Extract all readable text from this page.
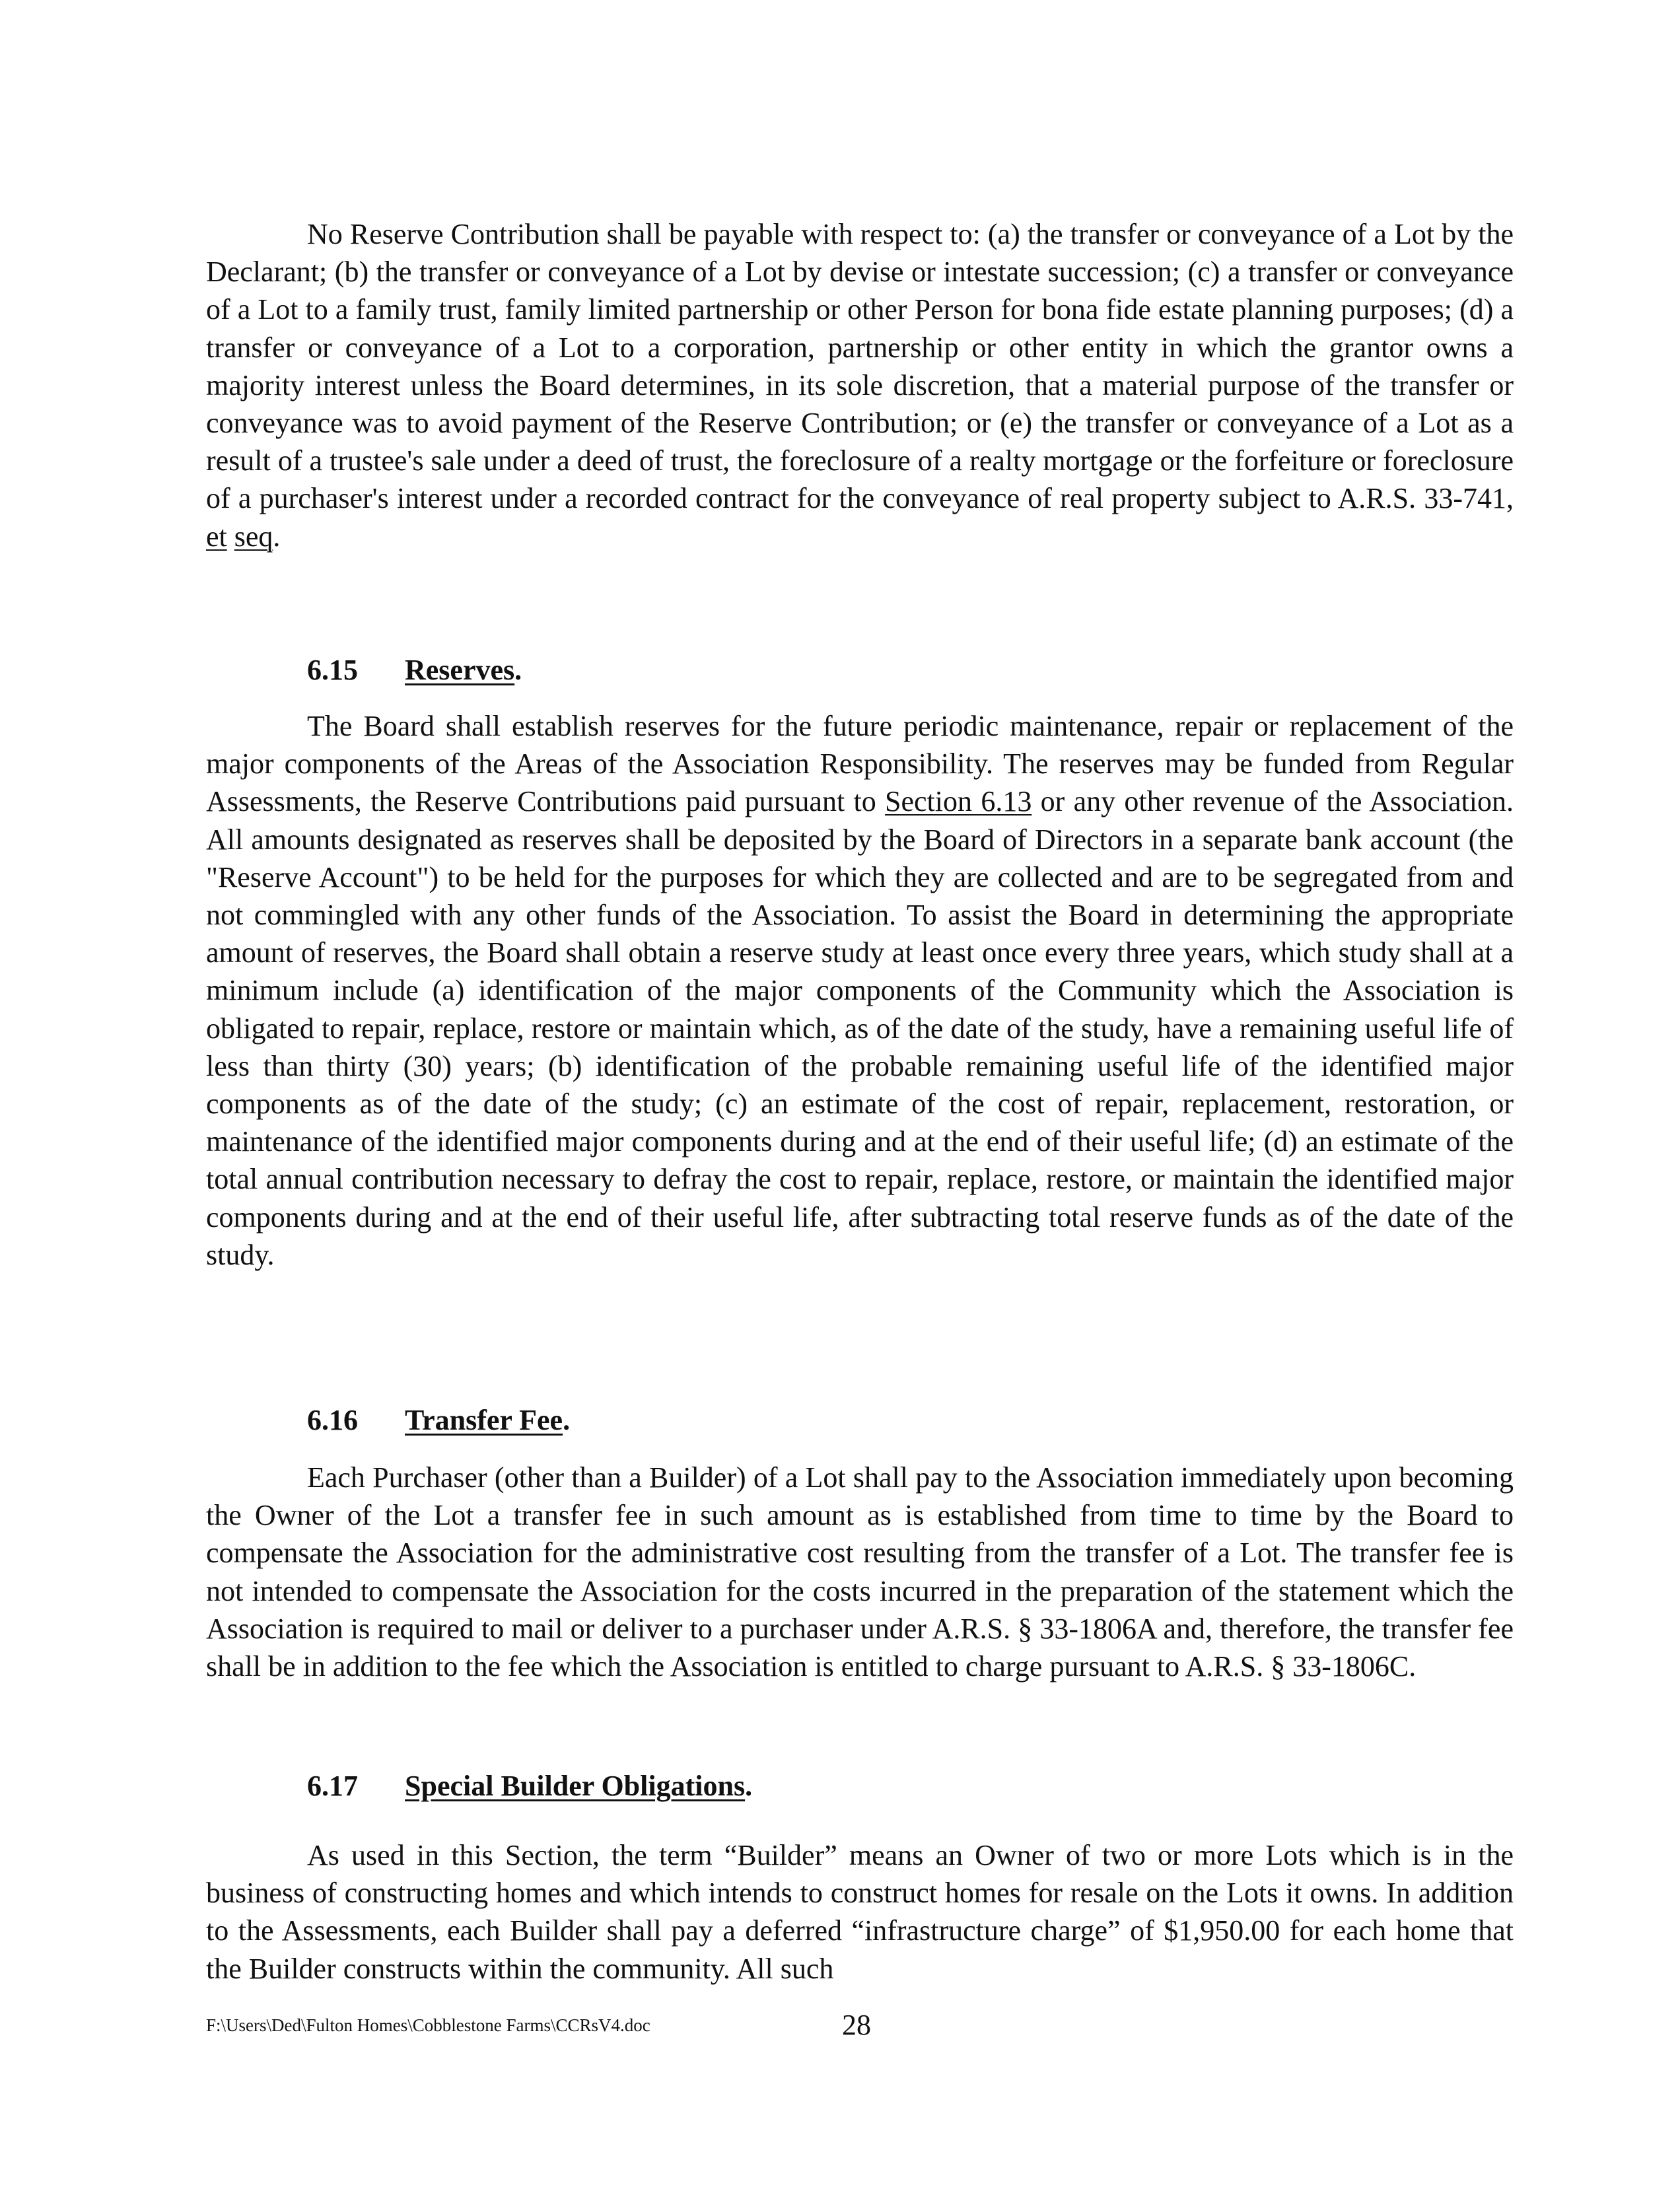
No Reserve Contribution shall be payable with respect to: (a) the transfer or conveyance of a Lot by the Declarant; (b) the transfer or conveyance of a Lot by devise or intestate succession; (c) a transfer or conveyance of a Lot to a family trust, family limited partnership or other Person for bona fide estate planning purposes; (d) a transfer or conveyance of a Lot to a corporation, partnership or other entity in which the grantor owns a majority interest unless the Board determines, in its sole discretion, that a material purpose of the transfer or conveyance was to avoid payment of the Reserve Contribution; or (e) the transfer or conveyance of a Lot as a result of a trustee's sale under a deed of trust, the foreclosure of a realty mortgage or the forfeiture or foreclosure of a purchaser's interest under a recorded contract for the conveyance of real property subject to A.R.S. 33-741, et seq.

6.15 Reserves.

The Board shall establish reserves for the future periodic maintenance, repair or replacement of the major components of the Areas of the Association Responsibility. The reserves may be funded from Regular Assessments, the Reserve Contributions paid pursuant to Section 6.13 or any other revenue of the Association. All amounts designated as reserves shall be deposited by the Board of Directors in a separate bank account (the "Reserve Account") to be held for the purposes for which they are collected and are to be segregated from and not commingled with any other funds of the Association. To assist the Board in determining the appropriate amount of reserves, the Board shall obtain a reserve study at least once every three years, which study shall at a minimum include (a) identification of the major components of the Community which the Association is obligated to repair, replace, restore or maintain which, as of the date of the study, have a remaining useful life of less than thirty (30) years; (b) identification of the probable remaining useful life of the identified major components as of the date of the study; (c) an estimate of the cost of repair, replacement, restoration, or maintenance of the identified major components during and at the end of their useful life; (d) an estimate of the total annual contribution necessary to defray the cost to repair, replace, restore, or maintain the identified major components during and at the end of their useful life, after subtracting total reserve funds as of the date of the study.

6.16 Transfer Fee.

Each Purchaser (other than a Builder) of a Lot shall pay to the Association immediately upon becoming the Owner of the Lot a transfer fee in such amount as is established from time to time by the Board to compensate the Association for the administrative cost resulting from the transfer of a Lot. The transfer fee is not intended to compensate the Association for the costs incurred in the preparation of the statement which the Association is required to mail or deliver to a purchaser under A.R.S. § 33-1806A and, therefore, the transfer fee shall be in addition to the fee which the Association is entitled to charge pursuant to A.R.S. § 33-1806C.

6.17 Special Builder Obligations.

As used in this Section, the term “Builder” means an Owner of two or more Lots which is in the business of constructing homes and which intends to construct homes for resale on the Lots it owns. In addition to the Assessments, each Builder shall pay a deferred “infrastructure charge” of $1,950.00 for each home that the Builder constructs within the community. All such

F:\Users\Ded\Fulton Homes\Cobblestone Farms\CCRsV4.doc	28
